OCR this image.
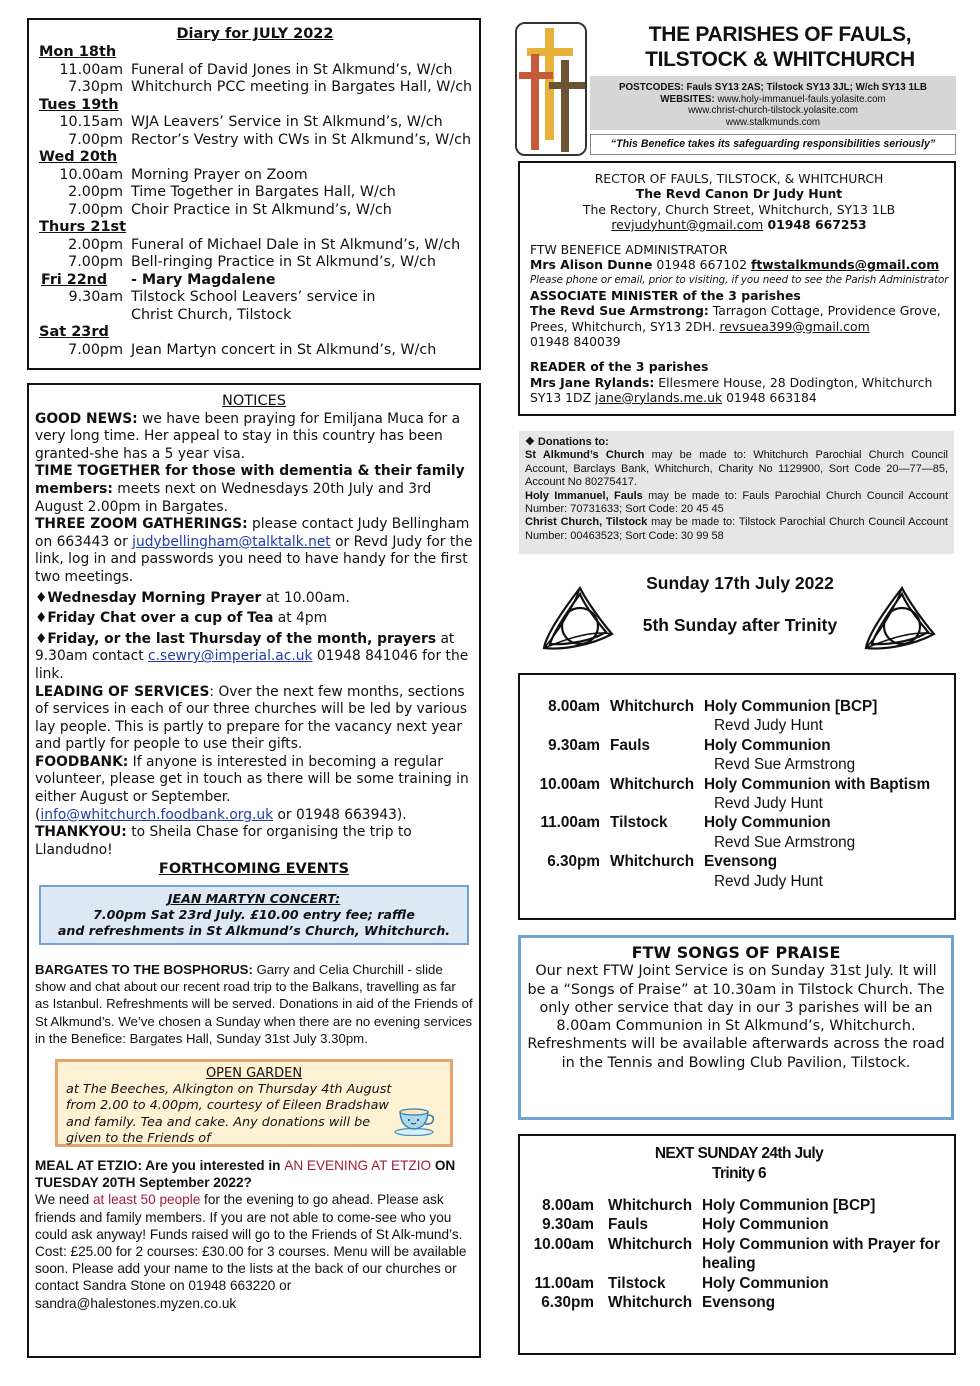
Diary for JULY 2022
Mon 18th
11.00am Funeral of David Jones in St Alkmund’s, W/ch
7.30pm Whitchurch PCC meeting in Bargates Hall, W/ch
Tues 19th
10.15am WJA Leavers’ Service in St Alkmund’s, W/ch
7.00pm Rector’s Vestry with CWs in St Alkmund’s, W/ch
Wed 20th
10.00am Morning Prayer on Zoom
2.00pm Time Together in Bargates Hall, W/ch
7.00pm Choir Practice in St Alkmund’s, W/ch
Thurs 21st
2.00pm Funeral of Michael Dale in St Alkmund’s, W/ch
7.00pm Bell-ringing Practice in St Alkmund’s, W/ch
Fri 22nd	- Mary Magdalene
9.30am Tilstock School Leavers’ service in
Christ Church, Tilstock
Sat 23rd
7.00pm Jean Martyn concert in St Alkmund’s, W/ch

NOTICES

GOOD NEWS: we have been praying for Emiljana Muca for a very long time. Her appeal to stay in this country has been granted-she has a 5 year visa.

TIME TOGETHER for those with dementia & their family members: meets next on Wednesdays 20th July and 3rd August 2.00pm in Bargates.

THREE ZOOM GATHERINGS: please contact Judy Bellingham on 663443 or judybellingham@talktalk.net or Revd Judy for the link, log in and passwords you need to have handy for the first two meetings.

♦Wednesday Morning Prayer at 10.00am.

♦Friday Chat over a cup of Tea at 4pm

♦Friday, or the last Thursday of the month, prayers at 9.30am contact c.sewry@imperial.ac.uk 01948 841046 for the link.

LEADING OF SERVICES: Over the next few months, sections of services in each of our three churches will be led by various lay people. This is partly to prepare for the vacancy next year and partly for people to use their gifts.

FOODBANK: If anyone is interested in becoming a regular volunteer, please get in touch as there will be some training in either August or September. (info@whitchurch.foodbank.org.uk or 01948 663943).

THANKYOU: to Sheila Chase for organising the trip to Llandudno!

FORTHCOMING EVENTS

JEAN MARTYN CONCERT:
7.00pm Sat 23rd July. £10.00 entry fee; raffle
and refreshments in St Alkmund’s Church, Whitchurch.

BARGATES TO THE BOSPHORUS: Garry and Celia Churchill - slide show and chat about our recent road trip to the Balkans, travelling as far as Istanbul. Refreshments will be served. Donations in aid of the Friends of St Alkmund’s. We’ve chosen a Sunday when there are no evening services in the Benefice: Bargates Hall, Sunday 31st July 3.30pm.

OPEN GARDEN
at The Beeches, Alkington on Thursday 4th August from 2.00 to 4.00pm, courtesy of Eileen Bradshaw and family. Tea and cake. Any donations will be given to the Friends of

MEAL AT ETZIO: Are you interested in AN EVENING AT ETZIO ON TUESDAY 20TH September 2022?

We need at least 50 people for the evening to go ahead. Please ask friends and family members. If you are not able to come-see who you could ask anyway! Funds raised will go to the Friends of St Alk-mund’s. Cost: £25.00 for 2 courses: £30.00 for 3 courses. Menu will be available soon. Please add your name to the lists at the back of our churches or contact Sandra Stone on 01948 663220 or sandra@halestones.myzen.co.uk

THE PARISHES OF FAULS,
TILSTOCK & WHITCHURCH
POSTCODES: Fauls SY13 2AS; Tilstock SY13 3JL; W/ch SY13 1LB
WEBSITES: www.holy-immanuel-fauls.yolasite.com
www.christ-church-tilstock.yolasite.com
www.stalkmunds.com
“This Benefice takes its safeguarding responsibilities seriously”
RECTOR OF FAULS, TILSTOCK, & WHITCHURCH
The Revd Canon Dr Judy Hunt
The Rectory, Church Street, Whitchurch, SY13 1LB
revjudyhunt@gmail.com 01948 667253
FTW BENEFICE ADMINISTRATOR
Mrs Alison Dunne 01948 667102 ftwstalkmunds@gmail.com
Please phone or email, prior to visiting, if you need to see the Parish Administrator
ASSOCIATE MINISTER of the 3 parishes
The Revd Sue Armstrong: Tarragon Cottage, Providence Grove, Prees, Whitchurch, SY13 2DH. revsuea399@gmail.com
01948 840039
READER of the 3 parishes
Mrs Jane Rylands: Ellesmere House, 28 Dodington, Whitchurch SY13 1DZ jane@rylands.me.uk 01948 663184
❖ Donations to:
St Alkmund’s Church may be made to: Whitchurch Parochial Church Council Account, Barclays Bank, Whitchurch, Charity No 1129900, Sort Code 20—77—85, Account No 80275417.
Holy Immanuel, Fauls may be made to: Fauls Parochial Church Council Account Number: 70731633; Sort Code: 20 45 45
Christ Church, Tilstock may be made to: Tilstock Parochial Church Council Account Number: 00463523; Sort Code: 30 99 58
Sunday 17th July 2022
5th Sunday after Trinity
8.00am Whitchurch Holy Communion [BCP]
Revd Judy Hunt
9.30am Fauls	Holy Communion
Revd Sue Armstrong
10.00am Whitchurch Holy Communion with Baptism
Revd Judy Hunt
11.00am Tilstock	Holy Communion
Revd Sue Armstrong
6.30pm Whitchurch Evensong
Revd Judy Hunt
FTW SONGS OF PRAISE
Our next FTW Joint Service is on Sunday 31st July. It will be a “Songs of Praise” at 10.30am in Tilstock Church. The only other service that day in our 3 parishes will be an 8.00am Communion in St Alkmund’s, Whitchurch.
Refreshments will be available afterwards across the road in the Tennis and Bowling Club Pavilion, Tilstock.
NEXT SUNDAY 24th July
Trinity 6
8.00am Whitchurch Holy Communion [BCP]
9.30am Fauls	Holy Communion
10.00am Whitchurch Holy Communion with Prayer for healing
11.00am Tilstock	Holy Communion
6.30pm Whitchurch Evensong
